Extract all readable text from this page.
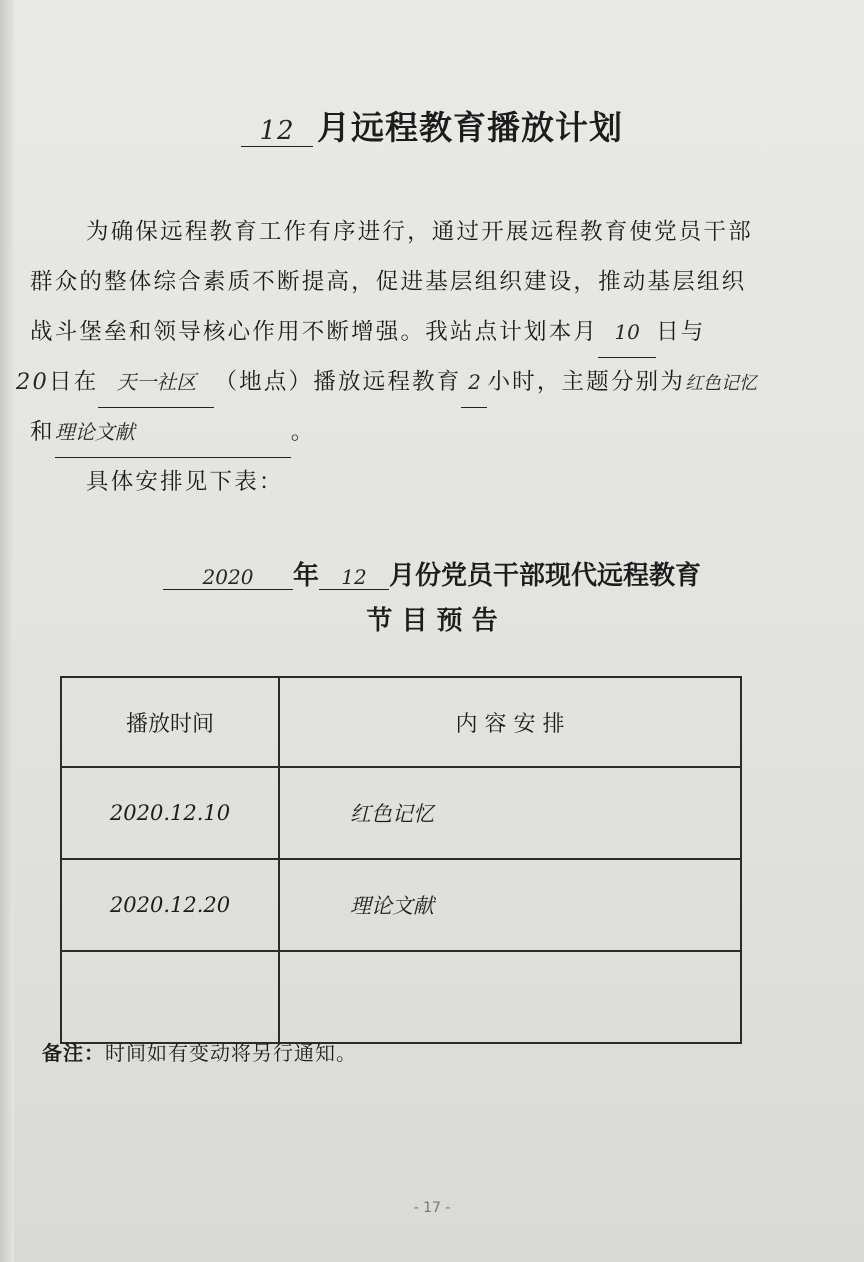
12 月远程教育播放计划
为确保远程教育工作有序进行，通过开展远程教育使党员干部
群众的整体综合素质不断提高，促进基层组织建设，推动基层组织
战斗堡垒和领导核心作用不断增强。我站点计划本月 10 日与
20日在 天一社区 （地点）播放远程教育 2 小时，主题分别为红色记忆
和理论文献	。
具体安排见下表：
2020 年 12 月份党员干部现代远程教育
节 目 预 告
播放时间	内 容 安 排
2020.12.10	红色记忆
2020.12.20	理论文献

备注：时间如有变动将另行通知。
- 17 -
